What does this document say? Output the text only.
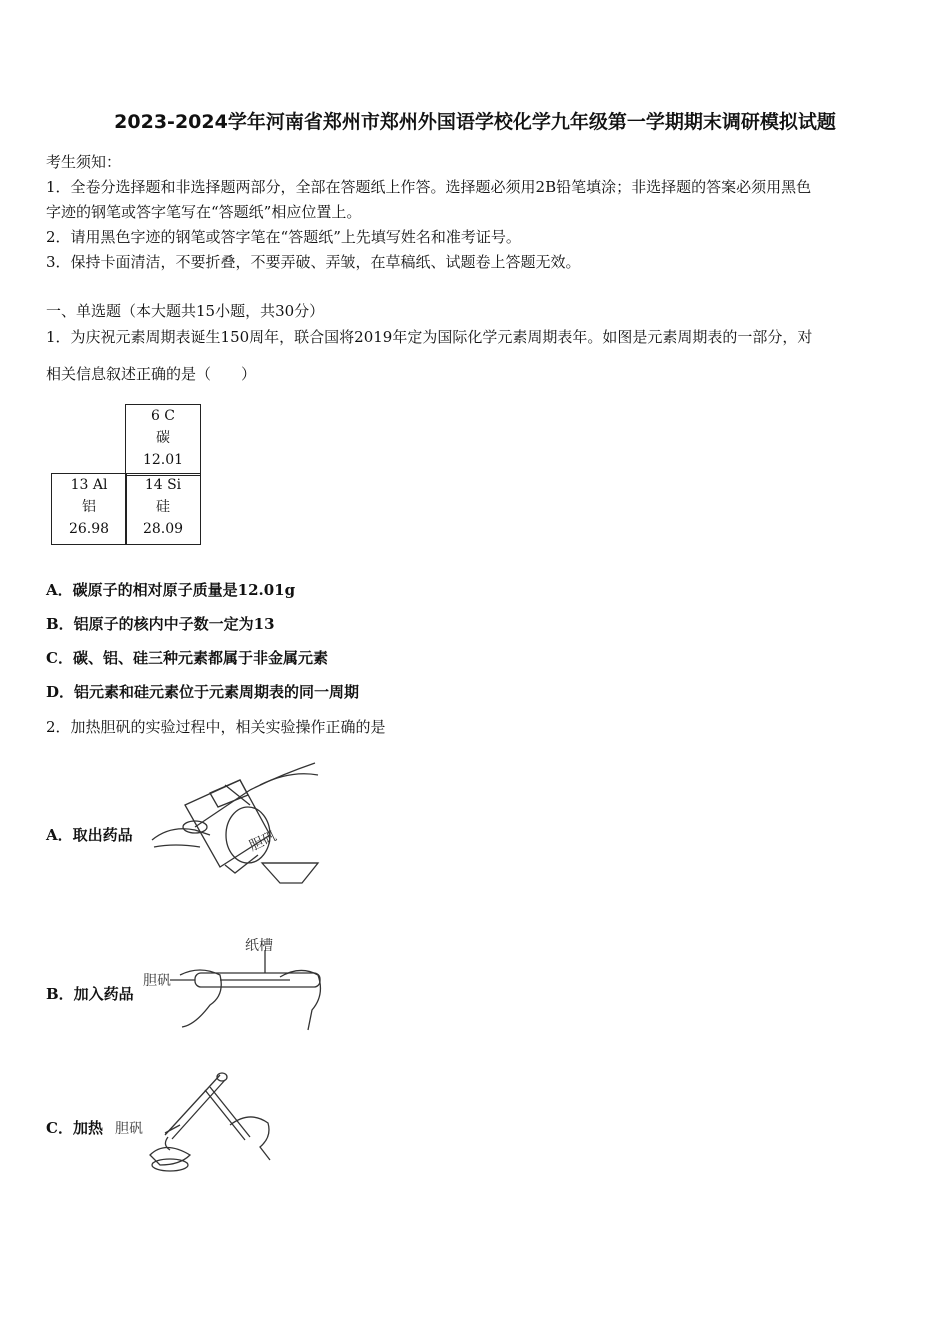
2023-2024学年河南省郑州市郑州外国语学校化学九年级第一学期期末调研模拟试题
考生须知：
1．全卷分选择题和非选择题两部分，全部在答题纸上作答。选择题必须用2B铅笔填涂；非选择题的答案必须用黑色
字迹的钢笔或答字笔写在“答题纸”相应位置上。
2．请用黑色字迹的钢笔或答字笔在“答题纸”上先填写姓名和准考证号。
3．保持卡面清洁，不要折叠，不要弄破、弄皱，在草稿纸、试题卷上答题无效。
一、单选题（本大题共15小题，共30分）
1．为庆祝元素周期表诞生150周年，联合国将2019年定为国际化学元素周期表年。如图是元素周期表的一部分，对
相关信息叙述正确的是（　　）
6 C
碳
12.01
13 Al
铝
26.98
14 Si
硅
28.09
A．碳原子的相对原子质量是12.01g
B．铝原子的核内中子数一定为13
C．碳、铝、硅三种元素都属于非金属元素
D．铝元素和硅元素位于元素周期表的同一周期
2．加热胆矾的实验过程中，相关实验操作正确的是
A．取出药品	胆矾
B．加入药品
纸槽
胆矾
C．加热 胆矾
